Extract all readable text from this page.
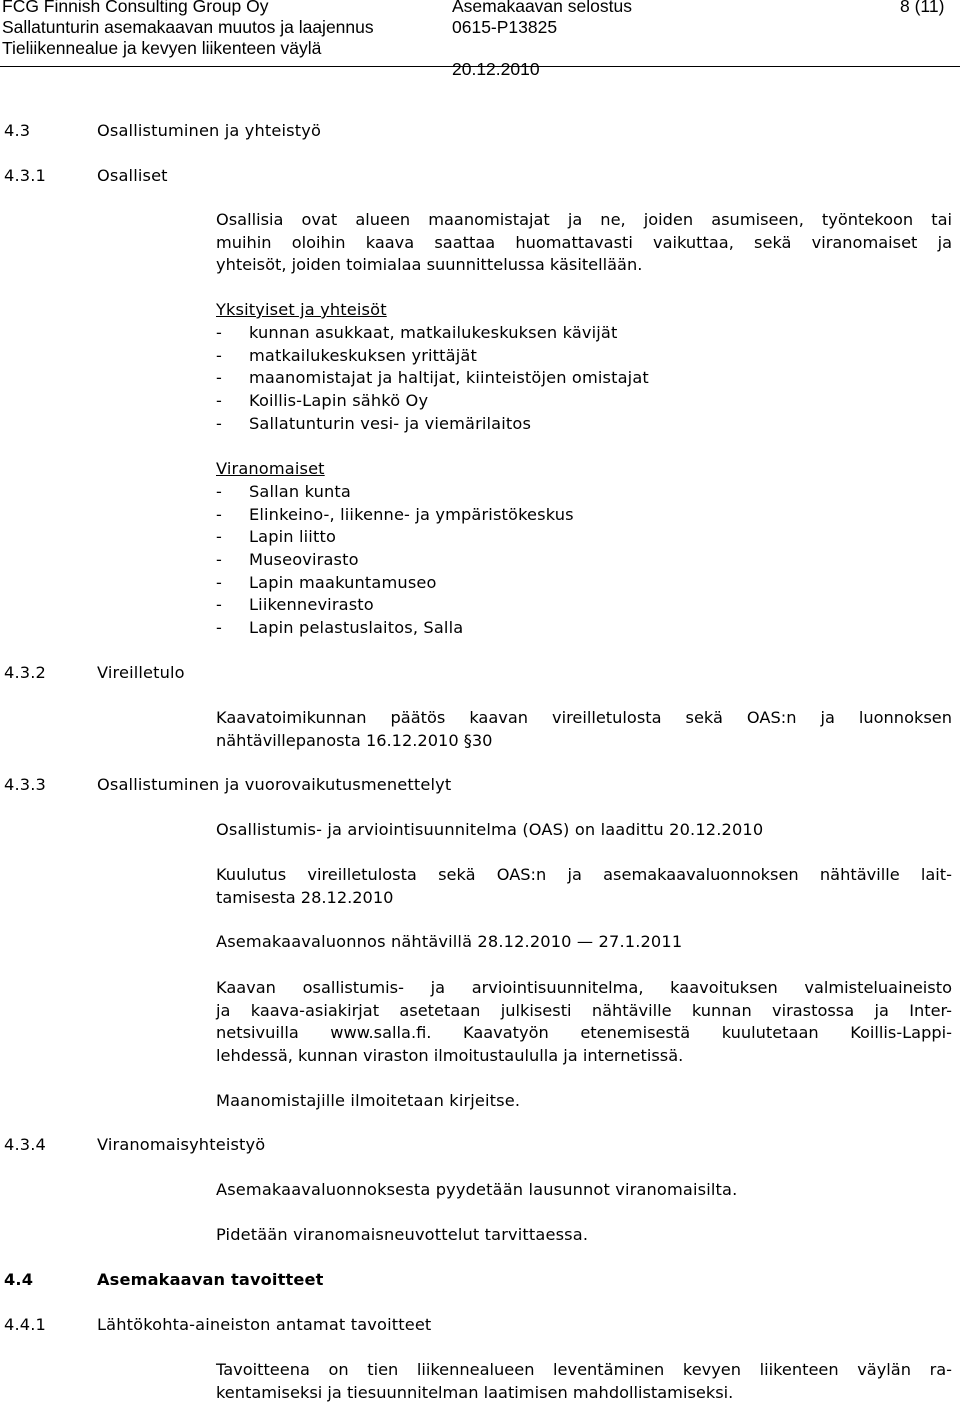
FCG Finnish Consulting Group Oy
Sallatunturin asemakaavan muutos ja laajennus
Tieliikennealue ja kevyen liikenteen väylä
Asemakaavan selostus
0615-P13825
20.12.2010
8 (11)
4.3	Osallistuminen ja yhteistyö
4.3.1	Osalliset
Osallisia ovat alueen maanomistajat ja ne, joiden asumiseen, työntekoon tai
muihin oloihin kaava saattaa huomattavasti vaikuttaa, sekä viranomaiset ja
yhteisöt, joiden toimialaa suunnittelussa käsitellään.
Yksityiset ja yhteisöt
- kunnan asukkaat, matkailukeskuksen kävijät
- matkailukeskuksen yrittäjät
- maanomistajat ja haltijat, kiinteistöjen omistajat
- Koillis-Lapin sähkö Oy
- Sallatunturin vesi- ja viemärilaitos
Viranomaiset
- Sallan kunta
- Elinkeino-, liikenne- ja ympäristökeskus
- Lapin liitto
- Museovirasto
- Lapin maakuntamuseo
- Liikennevirasto
- Lapin pelastuslaitos, Salla
4.3.2	Vireilletulo
Kaavatoimikunnan päätös kaavan vireilletulosta sekä OAS:n ja luonnoksen
nähtävillepanosta 16.12.2010 §30
4.3.3	Osallistuminen ja vuorovaikutusmenettelyt
Osallistumis- ja arviointisuunnitelma (OAS) on laadittu 20.12.2010
Kuulutus vireilletulosta sekä OAS:n ja asemakaavaluonnoksen nähtäville lait-
tamisesta 28.12.2010
Asemakaavaluonnos nähtävillä 28.12.2010 — 27.1.2011
Kaavan osallistumis- ja arviointisuunnitelma, kaavoituksen valmisteluaineisto
ja kaava-asiakirjat asetetaan julkisesti nähtäville kunnan virastossa ja Inter-
netsivuilla www.salla.fi. Kaavatyön etenemisestä kuulutetaan Koillis-Lappi-
lehdessä, kunnan viraston ilmoitustaululla ja internetissä.
Maanomistajille ilmoitetaan kirjeitse.
4.3.4	Viranomaisyhteistyö
Asemakaavaluonnoksesta pyydetään lausunnot viranomaisilta.
Pidetään viranomaisneuvottelut tarvittaessa.
4.4	Asemakaavan tavoitteet
4.4.1	Lähtökohta-aineiston antamat tavoitteet
Tavoitteena on tien liikennealueen leventäminen kevyen liikenteen väylän ra-
kentamiseksi ja tiesuunnitelman laatimisen mahdollistamiseksi.
